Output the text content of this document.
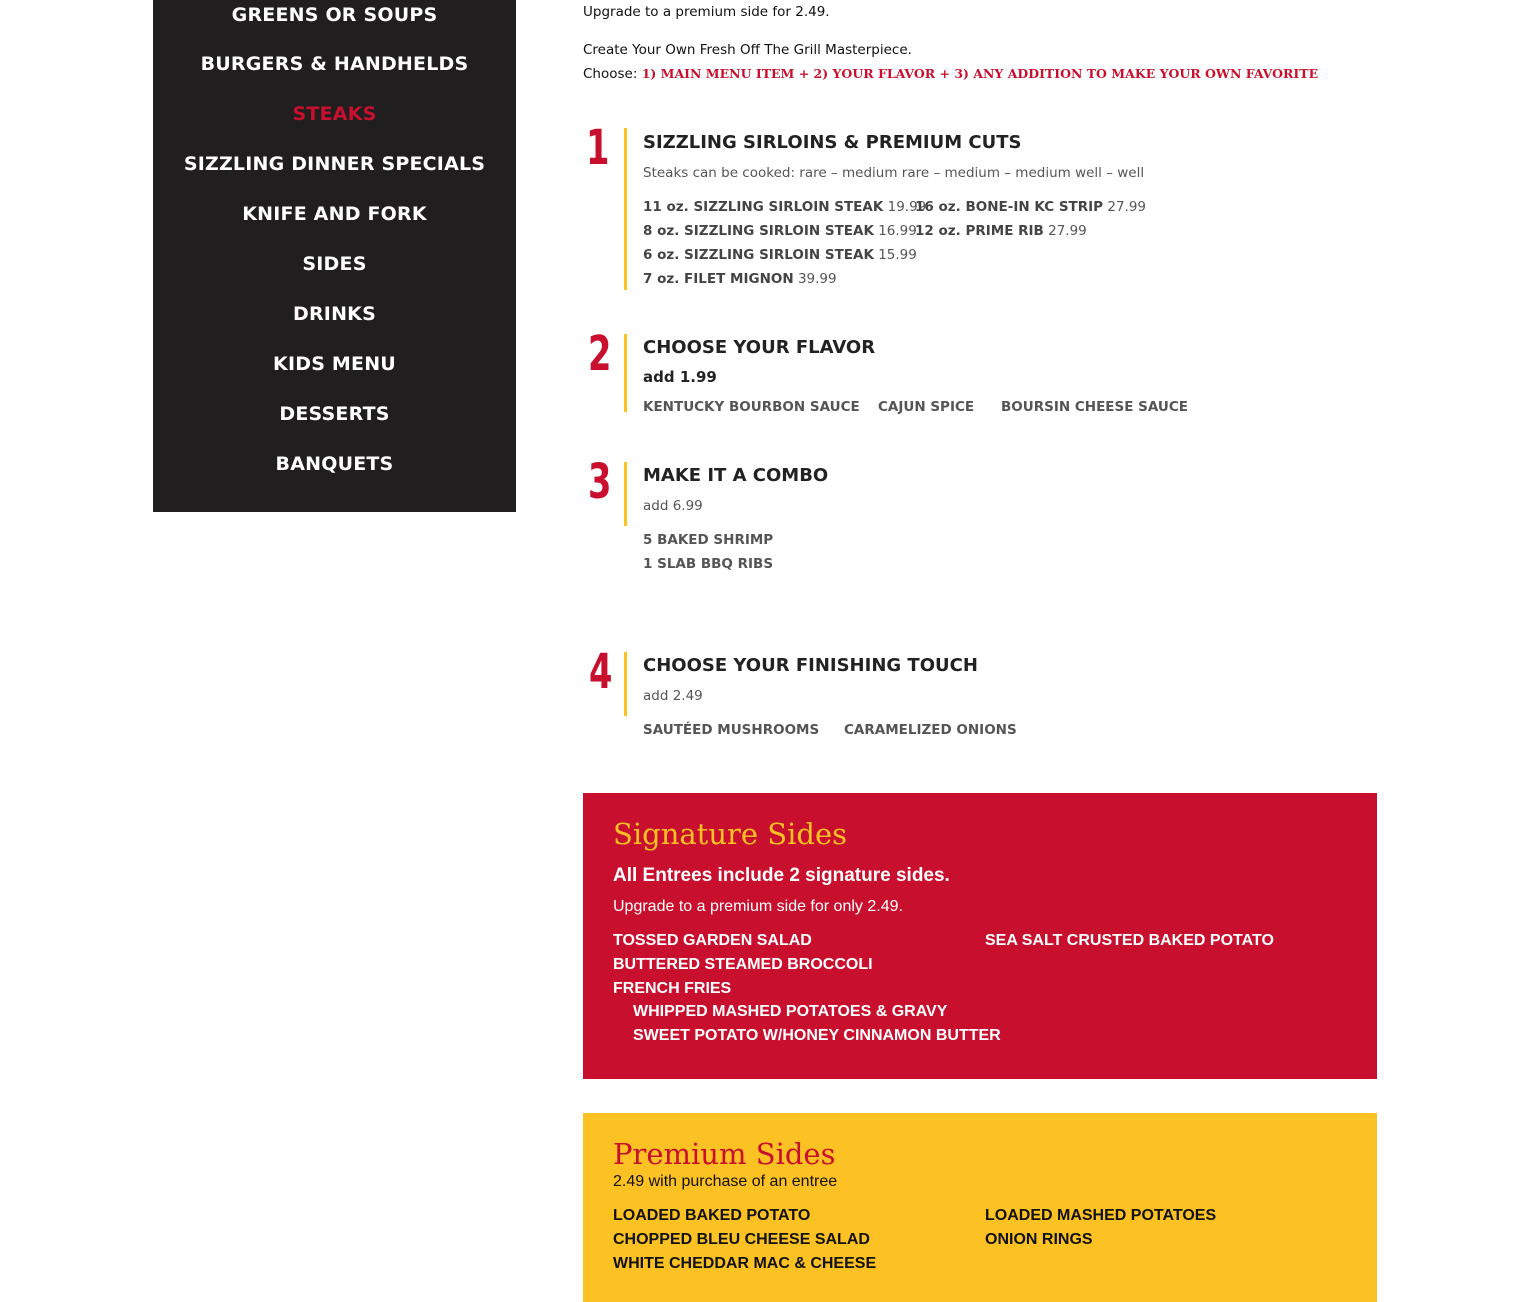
GREENS OR SOUPS
BURGERS & HANDHELDS
STEAKS
SIZZLING DINNER SPECIALS
KNIFE AND FORK
SIDES
DRINKS
KIDS MENU
DESSERTS
BANQUETS
Upgrade to a premium side for 2.49.
Create Your Own Fresh Off The Grill Masterpiece.
Choose: 1) MAIN MENU ITEM + 2) YOUR FLAVOR + 3) ANY ADDITION TO MAKE YOUR OWN FAVORITE
1 SIZZLING SIRLOINS & PREMIUM CUTS
Steaks can be cooked: rare – medium rare – medium – medium well – well
11 oz. SIZZLING SIRLOIN STEAK 19.99
8 oz. SIZZLING SIRLOIN STEAK 16.99
6 oz. SIZZLING SIRLOIN STEAK 15.99
7 oz. FILET MIGNON 39.99
16 oz. BONE-IN KC STRIP 27.99
12 oz. PRIME RIB 27.99
2 CHOOSE YOUR FLAVOR
add 1.99
KENTUCKY BOURBON SAUCE CAJUN SPICE BOURSIN CHEESE SAUCE
3 MAKE IT A COMBO
add 6.99
5 BAKED SHRIMP
1 SLAB BBQ RIBS
4 CHOOSE YOUR FINISHING TOUCH
add 2.49
SAUTÉED MUSHROOMS CARAMELIZED ONIONS
Signature Sides
All Entrees include 2 signature sides.
Upgrade to a premium side for only 2.49.
TOSSED GARDEN SALAD
BUTTERED STEAMED BROCCOLI
FRENCH FRIES
SEA SALT CRUSTED BAKED POTATO
WHIPPED MASHED POTATOES & GRAVY
SWEET POTATO W/HONEY CINNAMON BUTTER
Premium Sides
2.49 with purchase of an entree
LOADED BAKED POTATO
CHOPPED BLEU CHEESE SALAD
WHITE CHEDDAR MAC & CHEESE
LOADED MASHED POTATOES
ONION RINGS
